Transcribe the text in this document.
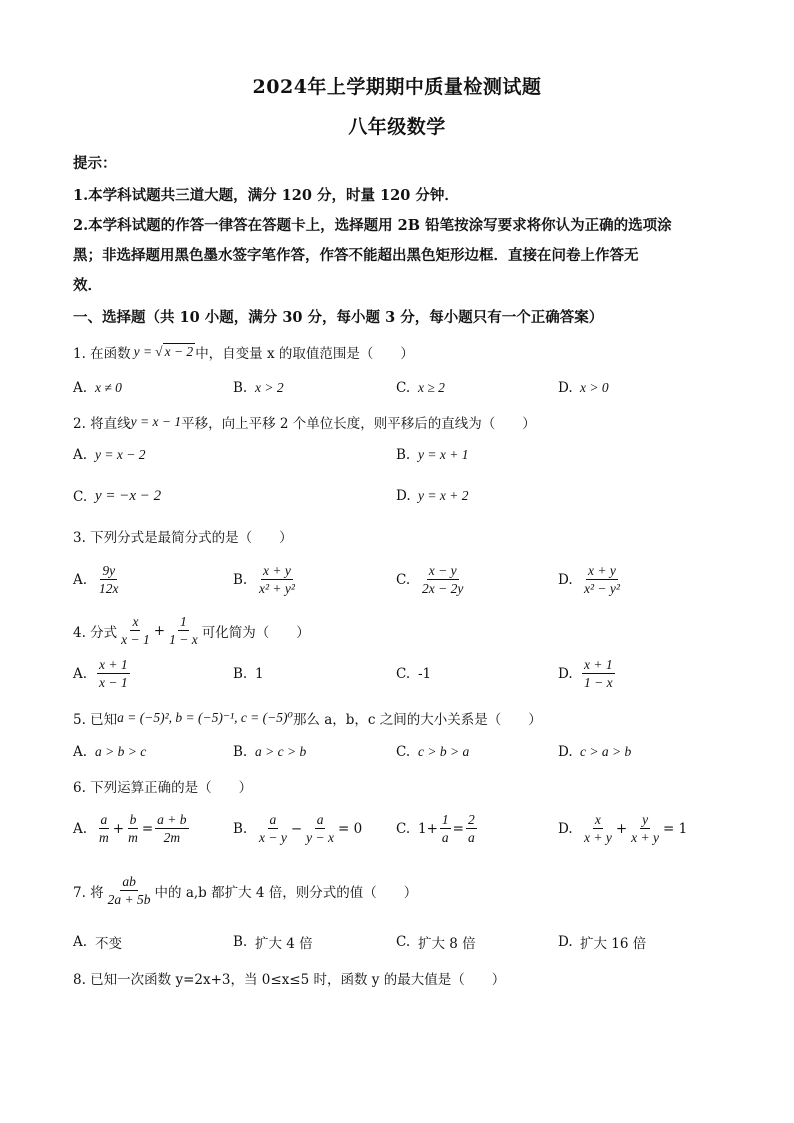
2024年上学期期中质量检测试题
八年级数学
提示：
1.本学科试题共三道大题，满分 120 分，时量 120 分钟．
2.本学科试题的作答一律答在答题卡上，选择题用 2B 铅笔按涂写要求将你认为正确的选项涂
黑；非选择题用黑色墨水签字笔作答，作答不能超出黑色矩形边框．直接在问卷上作答无
效．
一、选择题（共 10 小题，满分 30 分，每小题 3 分，每小题只有一个正确答案）
1. 在函数 y = √ x − 2 中，自变量 x 的取值范围是（　　）
A. x ≠ 0	B. x > 2	C. x ≥ 2	D. x > 0
2. 将直线 y = x − 1 平移，向上平移 2 个单位长度，则平移后的直线为（　　）
A. y = x − 2	B. y = x + 1
C. y = −x − 2	D. y = x + 2
3. 下列分式是最简分式的是（　　）
A. $\frac{9y}{12x}$	B. $\frac{x + y}{\text{x² + y²}}$	C. $\frac{x - y}{2x - 2y}$	D. $\frac{x + y}{\text{x² − y²}}$
4. 分式 $\frac{x}{x - 1} + \frac{1}{1 - x}$ 可化简为（　　）
A. $\frac{x + 1}{x - 1}$	B. 1	C. -1	D. $\frac{x + 1}{1 - x}$
5. 已知 a = (−5)², b = (−5)⁻¹, c = (−5)⁰ 那么 a，b，c 之间的大小关系是（　　）
A. a > b > c	B. a > c > b	C. c > b > a	D. c > a > b
6. 下列运算正确的是（　　）
A. $\frac{a}{m} + \frac{b}{m} = \frac{a + b}{2m}$	B. $\frac{a}{x - y} - \frac{a}{y - x} = 0$	C. $1+ \frac{1}{a} = \frac{2}{a}$	D. $\frac{x}{x + y} + \frac{y}{x + y} = 1$
7. 将 $\frac{ab}{2a + 5b}$ 中的 a,b 都扩大 4 倍，则分式的值（　　）
A. 不变	B. 扩大 4 倍	C. 扩大 8 倍	D. 扩大 16 倍
8. 已知一次函数 y=2x+3，当 0≤x≤5 时，函数 y 的最大值是（　　）
